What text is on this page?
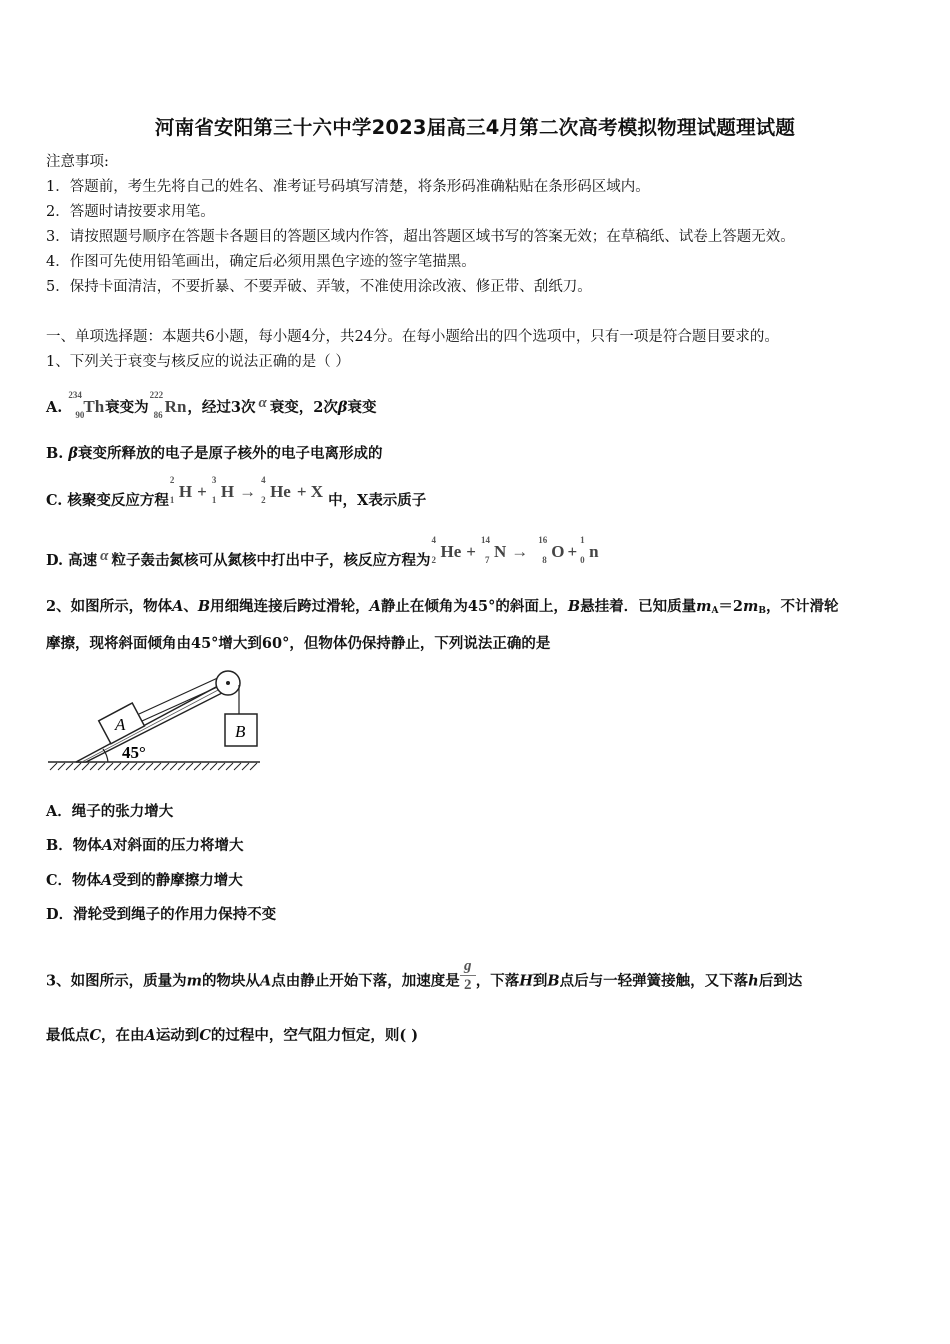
河南省安阳第三十六中学2023届高三4月第二次高考模拟物理试题理试题
注意事项:
1．答题前，考生先将自己的姓名、准考证号码填写清楚，将条形码准确粘贴在条形码区域内。
2．答题时请按要求用笔。
3．请按照题号顺序在答题卡各题目的答题区域内作答，超出答题区域书写的答案无效；在草稿纸、试卷上答题无效。
4．作图可先使用铅笔画出，确定后必须用黑色字迹的签字笔描黑。
5．保持卡面清洁，不要折暴、不要弄破、弄皱，不准使用涂改液、修正带、刮纸刀。
一、单项选择题：本题共6小题，每小题4分，共24分。在每小题给出的四个选项中，只有一项是符合题目要求的。
1、下列关于衰变与核反应的说法正确的是（ ）
A.
234
90 Th衰变为
222
86 Rn，经过3次 α 衰变，2次β衰变
B. β衰变所释放的电子是原子核外的电子电离形成的
C. 核聚变反应方程
2
1 H +
3
1 H →
4
2 He + X 中，X表示质子
D. 高速 α 粒子轰击氮核可从氮核中打出中子，核反应方程为
4
2 He +
14
7 N →
16
8 O +
1
0 n
2、如图所示，物体A、B用细绳连接后跨过滑轮，A静止在倾角为45°的斜面上，B悬挂着．已知质量mA＝2mB，不计滑轮
摩擦，现将斜面倾角由45°增大到60°，但物体仍保持静止，下列说法正确的是
45°
A	B
A．绳子的张力增大
B．物体A对斜面的压力将增大
C．物体A受到的静摩擦力增大
D．滑轮受到绳子的作用力保持不变
3、如图所示，质量为m的物块从A点由静止开始下落，加速度是 $\frac{g}{2}$ ，下落H到B点后与一轻弹簧接触，又下落h后到达
最低点C，在由A运动到C的过程中，空气阻力恒定，则( )
